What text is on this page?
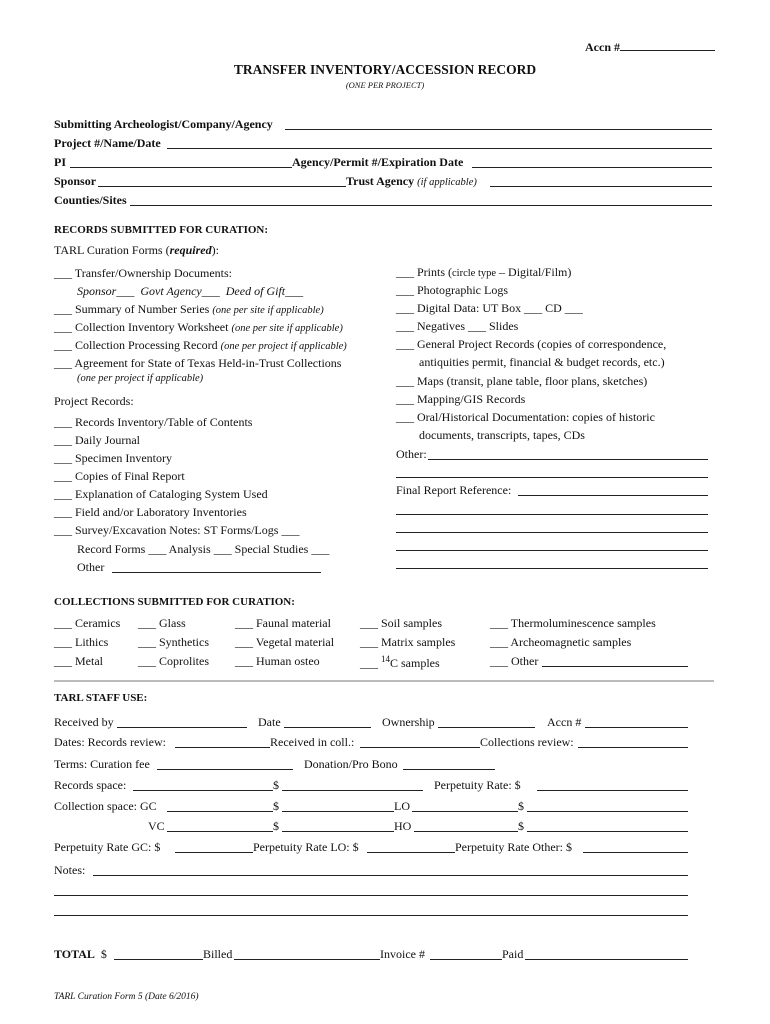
Accn #
TRANSFER INVENTORY/ACCESSION RECORD
(ONE PER PROJECT)
Submitting Archeologist/Company/Agency
Project #/Name/Date
PI	Agency/Permit #/Expiration Date
Sponsor	Trust Agency (if applicable)
Counties/Sites
RECORDS SUBMITTED FOR CURATION:
TARL Curation Forms (required):
___ Transfer/Ownership Documents:
Sponsor___ Govt Agency___ Deed of Gift___
___ Summary of Number Series (one per site if applicable)
___ Collection Inventory Worksheet (one per site if applicable)
___ Collection Processing Record (one per project if applicable)
___ Agreement for State of Texas Held-in-Trust Collections
(one per project if applicable)
Project Records:
___ Records Inventory/Table of Contents
___ Daily Journal
___ Specimen Inventory
___ Copies of Final Report
___ Explanation of Cataloging System Used
___ Field and/or Laboratory Inventories
___ Survey/Excavation Notes: ST Forms/Logs ___
Record Forms ___ Analysis ___ Special Studies ___
Other
___ Prints (circle type – Digital/Film)
___ Photographic Logs
___ Digital Data: UT Box ___ CD ___
___ Negatives ___ Slides
___ General Project Records (copies of correspondence,
antiquities permit, financial & budget records, etc.)
___ Maps (transit, plane table, floor plans, sketches)
___ Mapping/GIS Records
___ Oral/Historical Documentation: copies of historic
documents, transcripts, tapes, CDs
Other:
Final Report Reference:
COLLECTIONS SUBMITTED FOR CURATION:
___ Ceramics ___ Glass	___ Faunal material ___ Soil samples	___ Thermoluminescence samples
___ Lithics ___ Synthetics ___ Vegetal material ___ Matrix samples	___ Archeomagnetic samples
___ Metal	___ Coprolites ___ Human osteo	___ $^{14}$C samples	___ Other
TARL STAFF USE:
Received by	Date	Ownership	Accn #
Dates: Records review:	Received in coll.:	Collections review:
Terms: Curation fee	Donation/Pro Bono
Records space:	$	Perpetuity Rate: $
Collection space: GC	$	LO	$
VC	$	HO	$
Perpetuity Rate GC: $	Perpetuity Rate LO: $	Perpetuity Rate Other: $
Notes:
TOTAL $	Billed	Invoice #	Paid
TARL Curation Form 5 (Date 6/2016)
